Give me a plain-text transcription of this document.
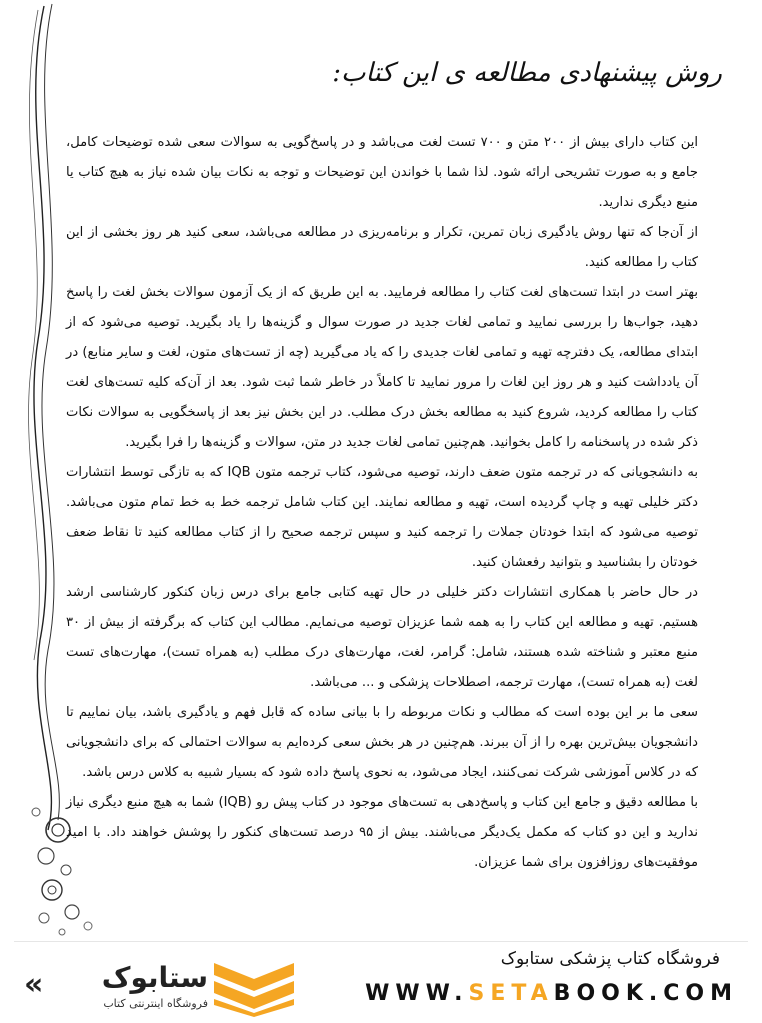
روش پیشنهادی مطالعه ی این کتاب:

این کتاب دارای بیش از ۲۰۰ متن و ۷۰۰ تست لغت می‌باشد و در پاسخ‌گویی به سوالات سعی شده توضیحات کامل، جامع و به صورت تشریحی ارائه شود. لذا شما با خواندن این توضیحات و توجه به نکات بیان شده نیاز به هیچ کتاب یا منبع دیگری ندارید.

از آن‌جا که تنها روش یادگیری زبان تمرین، تکرار و برنامه‌ریزی در مطالعه می‌باشد، سعی کنید هر روز بخشی از این کتاب را مطالعه کنید.

بهتر است در ابتدا تست‌های لغت کتاب را مطالعه فرمایید. به این طریق که از یک آزمون سوالات بخش لغت را پاسخ دهید، جواب‌ها را بررسی نمایید و تمامی لغات جدید در صورت سوال و گزینه‌ها را یاد بگیرید. توصیه می‌شود که از ابتدای مطالعه، یک دفترچه تهیه و تمامی لغات جدیدی را که یاد می‌گیرید (چه از تست‌های متون، لغت و سایر منابع) در آن یادداشت کنید و هر روز این لغات را مرور نمایید تا کاملاً در خاطر شما ثبت شود. بعد از آن‌که کلیه تست‌های لغت کتاب را مطالعه کردید، شروع کنید به مطالعه بخش درک مطلب. در این بخش نیز بعد از پاسخگویی به سوالات نکات ذکر شده در پاسخنامه را کامل بخوانید. هم‌چنین تمامی لغات جدید در متن، سوالات و گزینه‌ها را فرا بگیرید.

به دانشجویانی که در ترجمه متون ضعف دارند، توصیه می‌شود، کتاب ترجمه متون IQB که به تازگی توسط انتشارات دکتر خلیلی تهیه و چاپ گردیده است، تهیه و مطالعه نمایند. این کتاب شامل ترجمه خط به خط تمام متون می‌باشد. توصیه می‌شود که ابتدا خودتان جملات را ترجمه کنید و سپس ترجمه صحیح را از کتاب مطالعه کنید تا نقاط ضعف خودتان را بشناسید و بتوانید رفعشان کنید.

در حال حاضر با همکاری انتشارات دکتر خلیلی در حال تهیه کتابی جامع برای درس زبان کنکور کارشناسی ارشد هستیم. تهیه و مطالعه این کتاب را به همه شما عزیزان توصیه می‌نمایم. مطالب این کتاب که برگرفته از بیش از ۳۰ منبع معتبر و شناخته شده هستند، شامل: گرامر، لغت، مهارت‌های درک مطلب (به همراه تست)، مهارت‌های تست لغت (به همراه تست)، مهارت ترجمه، اصطلاحات پزشکی و ... می‌باشد.

سعی ما بر این بوده است که مطالب و نکات مربوطه را با بیانی ساده که قابل فهم و یادگیری باشد، بیان نماییم تا دانشجویان بیش‌ترین بهره را از آن ببرند. هم‌چنین در هر بخش سعی کرده‌ایم به سوالات احتمالی که برای دانشجویانی که در کلاس آموزشی شرکت نمی‌کنند، ایجاد می‌شود، به نحوی پاسخ داده شود که بسیار شبیه به کلاس درس باشد.

با مطالعه دقیق و جامع این کتاب و پاسخ‌دهی به تست‌های موجود در کتاب پیش رو (IQB) شما به هیچ منبع دیگری نیاز ندارید و این دو کتاب که مکمل یک‌دیگر می‌باشند. بیش از ۹۵ درصد تست‌های کنکور را پوشش خواهند داد. با امید موفقیت‌های روزافزون برای شما عزیزان.

«	ستابوک
فروشگاه اینترنتی کتاب
فروشگاه کتاب پزشکی ستابوک
WWW.SETABOOK.COM
